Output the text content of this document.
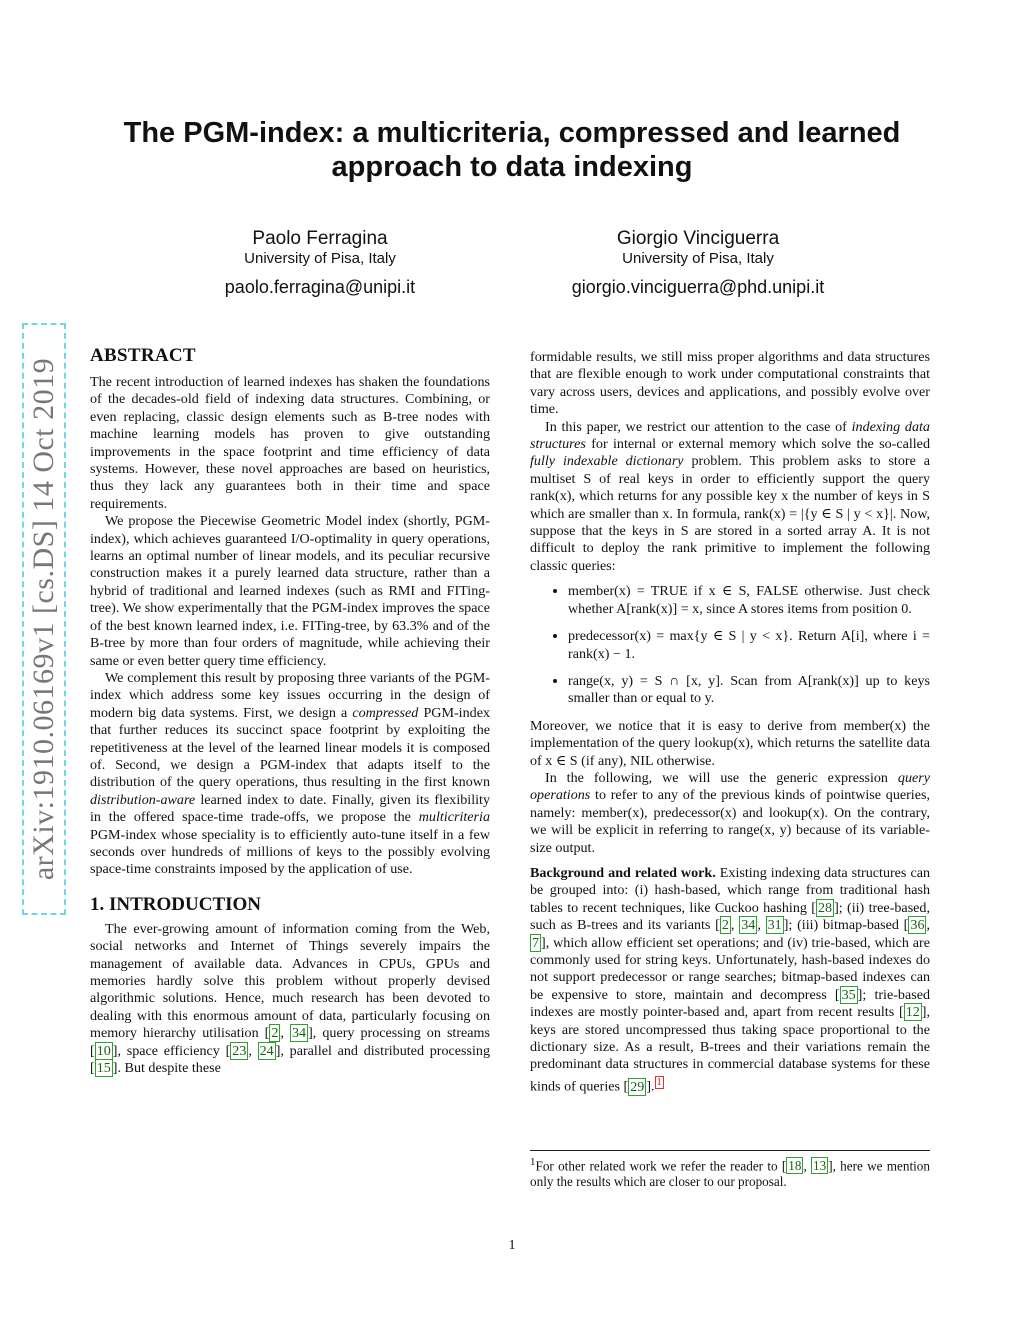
arXiv:1910.06169v1 [cs.DS] 14 Oct 2019
The PGM-index: a multicriteria, compressed and learned approach to data indexing
Paolo Ferragina
University of Pisa, Italy
paolo.ferragina@unipi.it
Giorgio Vinciguerra
University of Pisa, Italy
giorgio.vinciguerra@phd.unipi.it
ABSTRACT

The recent introduction of learned indexes has shaken the foundations of the decades-old field of indexing data structures. Combining, or even replacing, classic design elements such as B-tree nodes with machine learning models has proven to give outstanding improvements in the space footprint and time efficiency of data systems. However, these novel approaches are based on heuristics, thus they lack any guarantees both in their time and space requirements.

We propose the Piecewise Geometric Model index (shortly, PGM-index), which achieves guaranteed I/O-optimality in query operations, learns an optimal number of linear models, and its peculiar recursive construction makes it a purely learned data structure, rather than a hybrid of traditional and learned indexes (such as RMI and FITing-tree). We show experimentally that the PGM-index improves the space of the best known learned index, i.e. FITing-tree, by 63.3% and of the B-tree by more than four orders of magnitude, while achieving their same or even better query time efficiency.

We complement this result by proposing three variants of the PGM-index which address some key issues occurring in the design of modern big data systems. First, we design a compressed PGM-index that further reduces its succinct space footprint by exploiting the repetitiveness at the level of the learned linear models it is composed of. Second, we design a PGM-index that adapts itself to the distribution of the query operations, thus resulting in the first known distribution-aware learned index to date. Finally, given its flexibility in the offered space-time trade-offs, we propose the multicriteria PGM-index whose speciality is to efficiently auto-tune itself in a few seconds over hundreds of millions of keys to the possibly evolving space-time constraints imposed by the application of use.

1. INTRODUCTION

The ever-growing amount of information coming from the Web, social networks and Internet of Things severely impairs the management of available data. Advances in CPUs, GPUs and memories hardly solve this problem without properly devised algorithmic solutions. Hence, much research has been devoted to dealing with this enormous amount of data, particularly focusing on memory hierarchy utilisation [ 2 , 34 ], query processing on streams [ 10 ], space efficiency [ 23 , 24 ], parallel and distributed processing [ 15 ]. But despite these

formidable results, we still miss proper algorithms and data structures that are flexible enough to work under computational constraints that vary across users, devices and applications, and possibly evolve over time.

In this paper, we restrict our attention to the case of indexing data structures for internal or external memory which solve the so-called fully indexable dictionary problem. This problem asks to store a multiset S of real keys in order to efficiently support the query rank(x), which returns for any possible key x the number of keys in S which are smaller than x. In formula, rank(x) = |{y ∈ S | y < x}|. Now, suppose that the keys in S are stored in a sorted array A. It is not difficult to deploy the rank primitive to implement the following classic queries:

• member(x) = TRUE if x ∈ S, FALSE otherwise. Just check whether A[rank(x)] = x, since A stores items from position 0.
• predecessor(x) = max{y ∈ S | y < x}. Return A[i], where i = rank(x) − 1.
• range(x, y) = S ∩ [x, y]. Scan from A[rank(x)] up to keys smaller than or equal to y.

Moreover, we notice that it is easy to derive from member(x) the implementation of the query lookup(x), which returns the satellite data of x ∈ S (if any), NIL otherwise.

In the following, we will use the generic expression query operations to refer to any of the previous kinds of pointwise queries, namely: member(x), predecessor(x) and lookup(x). On the contrary, we will be explicit in referring to range(x, y) because of its variable-size output.

Background and related work. Existing indexing data structures can be grouped into: (i) hash-based, which range from traditional hash tables to recent techniques, like Cuckoo hashing [ 28 ]; (ii) tree-based, such as B-trees and its variants [ 2 , 34 , 31 ]; (iii) bitmap-based [ 36 , 7 ], which allow efficient set operations; and (iv) trie-based, which are commonly used for string keys. Unfortunately, hash-based indexes do not support predecessor or range searches; bitmap-based indexes can be expensive to store, maintain and decompress [ 35 ]; trie-based indexes are mostly pointer-based and, apart from recent results [ 12 ], keys are stored uncompressed thus taking space proportional to the dictionary size. As a result, B-trees and their variations remain the predominant data structures in commercial database systems for these kinds of queries [ 29 ]. $^1$

$^1$For other related work we refer the reader to [ 18 , 13 ], here we mention only the results which are closer to our proposal.
1
